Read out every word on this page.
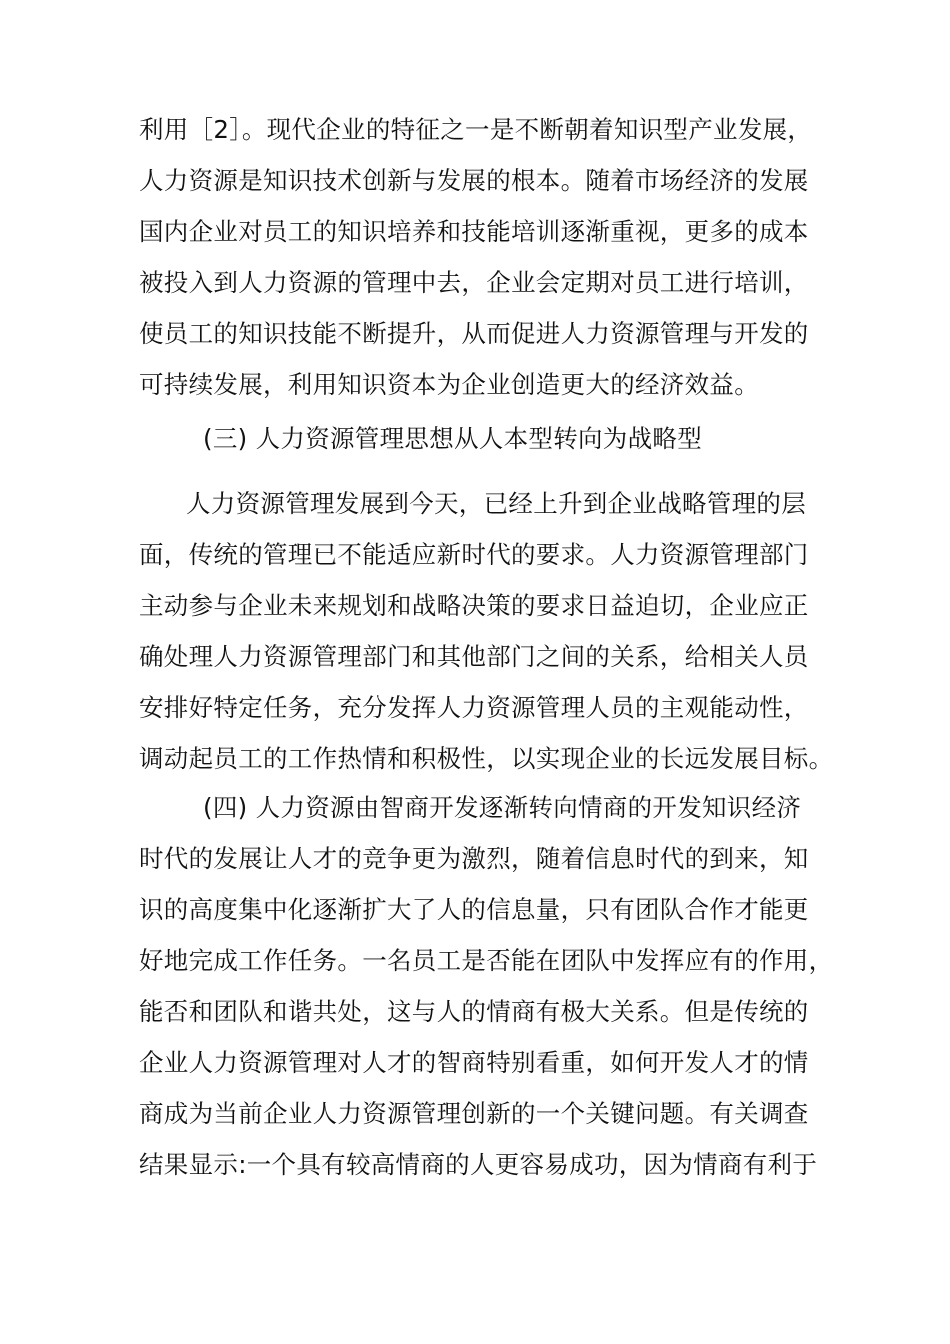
利用［2］。现代企业的特征之一是不断朝着知识型产业发展，
人力资源是知识技术创新与发展的根本。随着市场经济的发展
国内企业对员工的知识培养和技能培训逐渐重视，更多的成本
被投入到人力资源的管理中去，企业会定期对员工进行培训，
使员工的知识技能不断提升，从而促进人力资源管理与开发的
可持续发展，利用知识资本为企业创造更大的经济效益。
(三) 人力资源管理思想从人本型转向为战略型
人力资源管理发展到今天，已经上升到企业战略管理的层
面，传统的管理已不能适应新时代的要求。人力资源管理部门
主动参与企业未来规划和战略决策的要求日益迫切，企业应正
确处理人力资源管理部门和其他部门之间的关系，给相关人员
安排好特定任务，充分发挥人力资源管理人员的主观能动性，
调动起员工的工作热情和积极性，以实现企业的长远发展目标。
(四) 人力资源由智商开发逐渐转向情商的开发知识经济
时代的发展让人才的竞争更为激烈，随着信息时代的到来，知
识的高度集中化逐渐扩大了人的信息量，只有团队合作才能更
好地完成工作任务。一名员工是否能在团队中发挥应有的作用，
能否和团队和谐共处，这与人的情商有极大关系。但是传统的
企业人力资源管理对人才的智商特别看重，如何开发人才的情
商成为当前企业人力资源管理创新的一个关键问题。有关调查
结果显示:一个具有较高情商的人更容易成功，因为情商有利于
